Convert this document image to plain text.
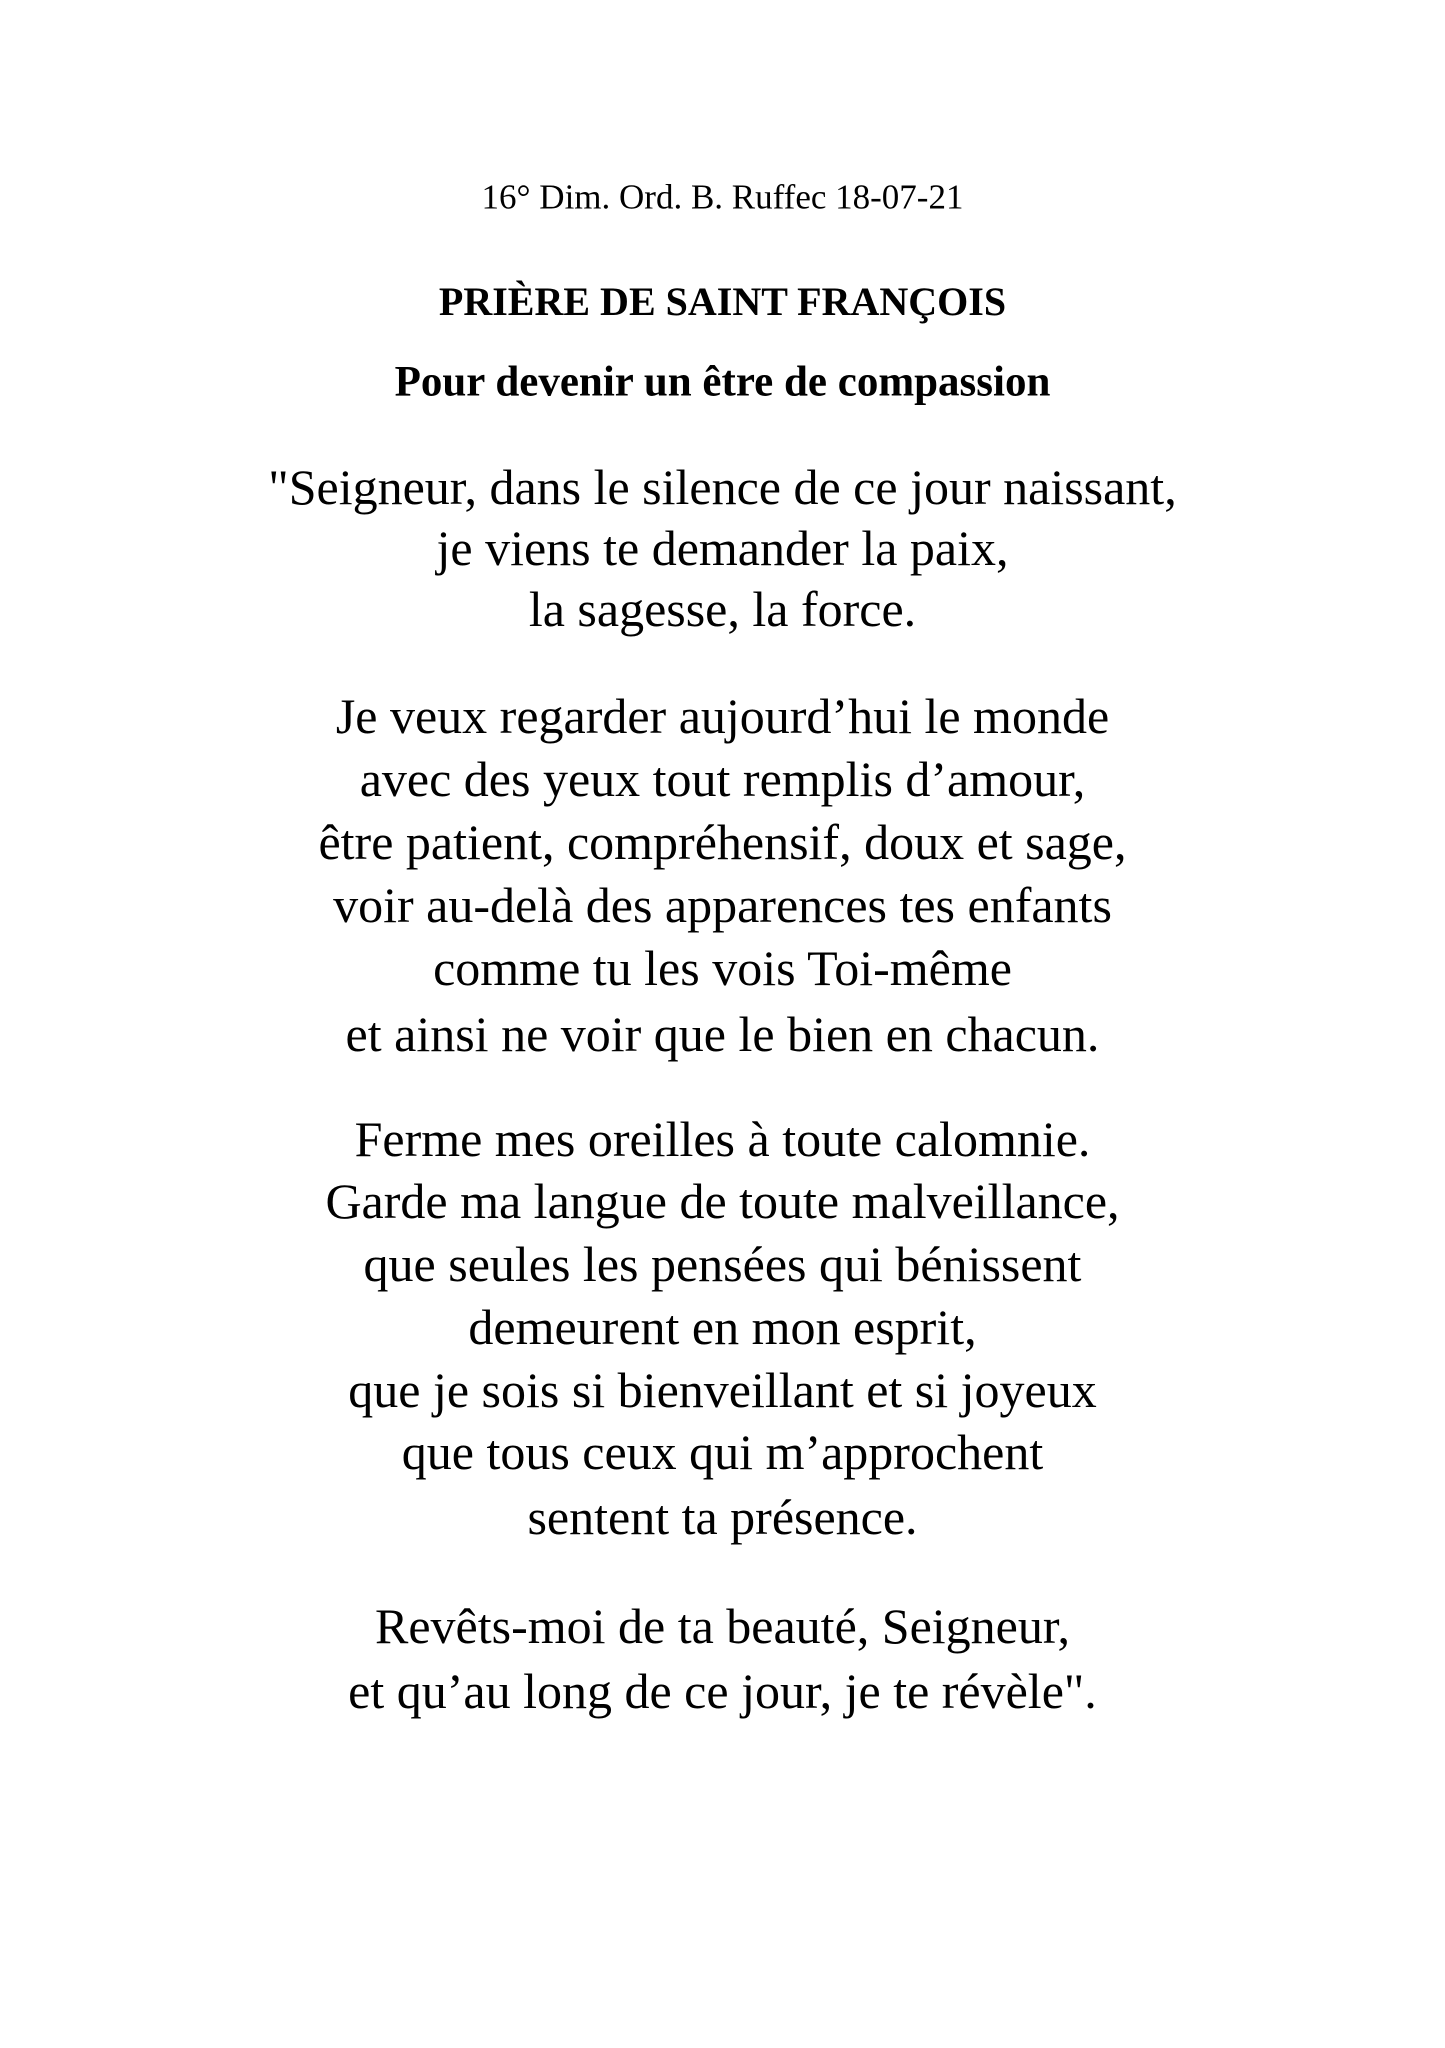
16° Dim. Ord. B. Ruffec 18-07-21
PRIÈRE DE SAINT FRANÇOIS
Pour devenir un être de compassion
"Seigneur, dans le silence de ce jour naissant,
je viens te demander la paix,
la sagesse, la force.
Je veux regarder aujourd’hui le monde
avec des yeux tout remplis d’amour,
être patient, compréhensif, doux et sage,
voir au-delà des apparences tes enfants
comme tu les vois Toi-même
et ainsi ne voir que le bien en chacun.
Ferme mes oreilles à toute calomnie.
Garde ma langue de toute malveillance,
que seules les pensées qui bénissent
demeurent en mon esprit,
que je sois si bienveillant et si joyeux
que tous ceux qui m’approchent
sentent ta présence.
Revêts-moi de ta beauté, Seigneur,
et qu’au long de ce jour, je te révèle".
